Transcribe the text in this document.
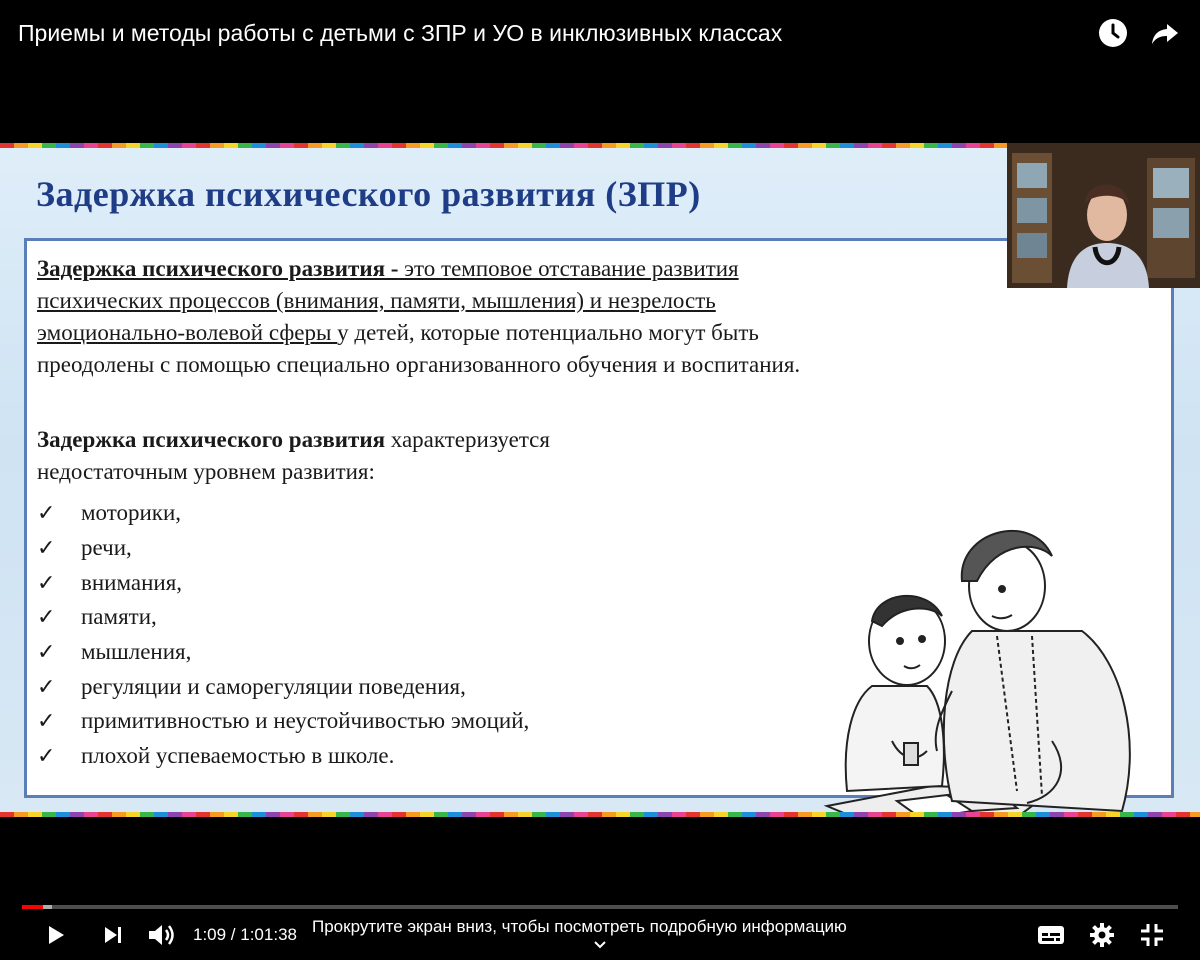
Приемы и методы работы с детьми с ЗПР и УО в инклюзивных классах
Задержка психического развития (ЗПР)
Задержка психического развития - это темповое отставание развития психических процессов (внимания, памяти, мышления) и незрелость эмоционально-волевой сферы у детей, которые потенциально могут быть преодолены с помощью специально организованного обучения и воспитания.
Задержка психического развития характеризуется недостаточным уровнем развития:
✓	моторики,
✓	речи,
✓	внимания,
✓	памяти,
✓	мышления,
✓	регуляции и саморегуляции поведения,
✓	примитивностью и неустойчивостью эмоций,
✓	плохой успеваемостью в школе.
1:09 / 1:01:38 Прокрутите экран вниз, чтобы посмотреть подробную информацию
